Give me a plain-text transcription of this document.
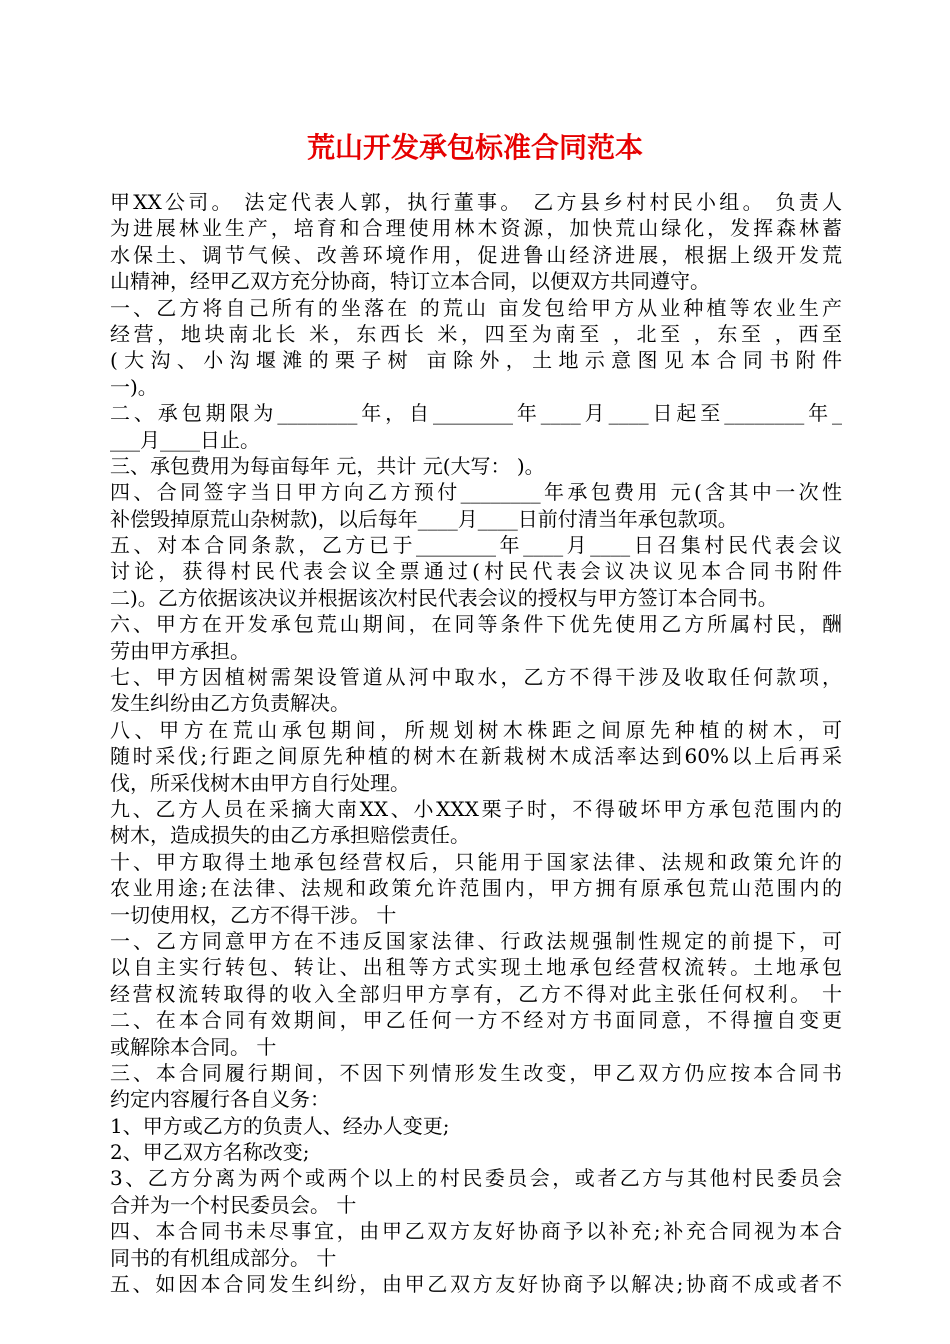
荒山开发承包标准合同范本
甲XX公司。 法定代表人郭，执行董事。 乙方县乡村村民小组。 负责人
为进展林业生产，培育和合理使用林木资源，加快荒山绿化，发挥森林蓄
水保土、调节气候、改善环境作用，促进鲁山经济进展，根据上级开发荒
山精神，经甲乙双方充分协商，特订立本合同，以便双方共同遵守。
一、乙方将自己所有的坐落在 的荒山 亩发包给甲方从业种植等农业生产
经营，地块南北长 米，东西长 米，四至为南至 ，北至 ，东至 ，西至
(大沟、小沟堰滩的栗子树 亩除外，土地示意图见本合同书附件
一)。
二、承包期限为________年，自________年____月____日起至________年_
___月____日止。
三、承包费用为每亩每年 元，共计 元(大写： )。
四、合同签字当日甲方向乙方预付________年承包费用 元(含其中一次性
补偿毁掉原荒山杂树款)，以后每年____月____日前付清当年承包款项。
五、对本合同条款，乙方已于________年____月____日召集村民代表会议
讨论，获得村民代表会议全票通过(村民代表会议决议见本合同书附件
二)。乙方依据该决议并根据该次村民代表会议的授权与甲方签订本合同书。
六、甲方在开发承包荒山期间，在同等条件下优先使用乙方所属村民，酬
劳由甲方承担。
七、甲方因植树需架设管道从河中取水，乙方不得干涉及收取任何款项，
发生纠纷由乙方负责解决。
八、甲方在荒山承包期间，所规划树木株距之间原先种植的树木，可
随时采伐;行距之间原先种植的树木在新栽树木成活率达到60%以上后再采
伐，所采伐树木由甲方自行处理。
九、乙方人员在采摘大南XX、小XXX栗子时，不得破坏甲方承包范围内的
树木，造成损失的由乙方承担赔偿责任。
十、甲方取得土地承包经营权后，只能用于国家法律、法规和政策允许的
农业用途;在法律、法规和政策允许范围内，甲方拥有原承包荒山范围内的
一切使用权，乙方不得干涉。 十
一、乙方同意甲方在不违反国家法律、行政法规强制性规定的前提下，可
以自主实行转包、转让、出租等方式实现土地承包经营权流转。土地承包
经营权流转取得的收入全部归甲方享有，乙方不得对此主张任何权利。 十
二、在本合同有效期间，甲乙任何一方不经对方书面同意，不得擅自变更
或解除本合同。 十
三、本合同履行期间，不因下列情形发生改变，甲乙双方仍应按本合同书
约定内容履行各自义务：
1、甲方或乙方的负责人、经办人变更;
2、甲乙双方名称改变;
3、乙方分离为两个或两个以上的村民委员会，或者乙方与其他村民委员会
合并为一个村民委员会。 十
四、本合同书未尽事宜，由甲乙双方友好协商予以补充;补充合同视为本合
同书的有机组成部分。 十
五、如因本合同发生纠纷，由甲乙双方友好协商予以解决;协商不成或者不
